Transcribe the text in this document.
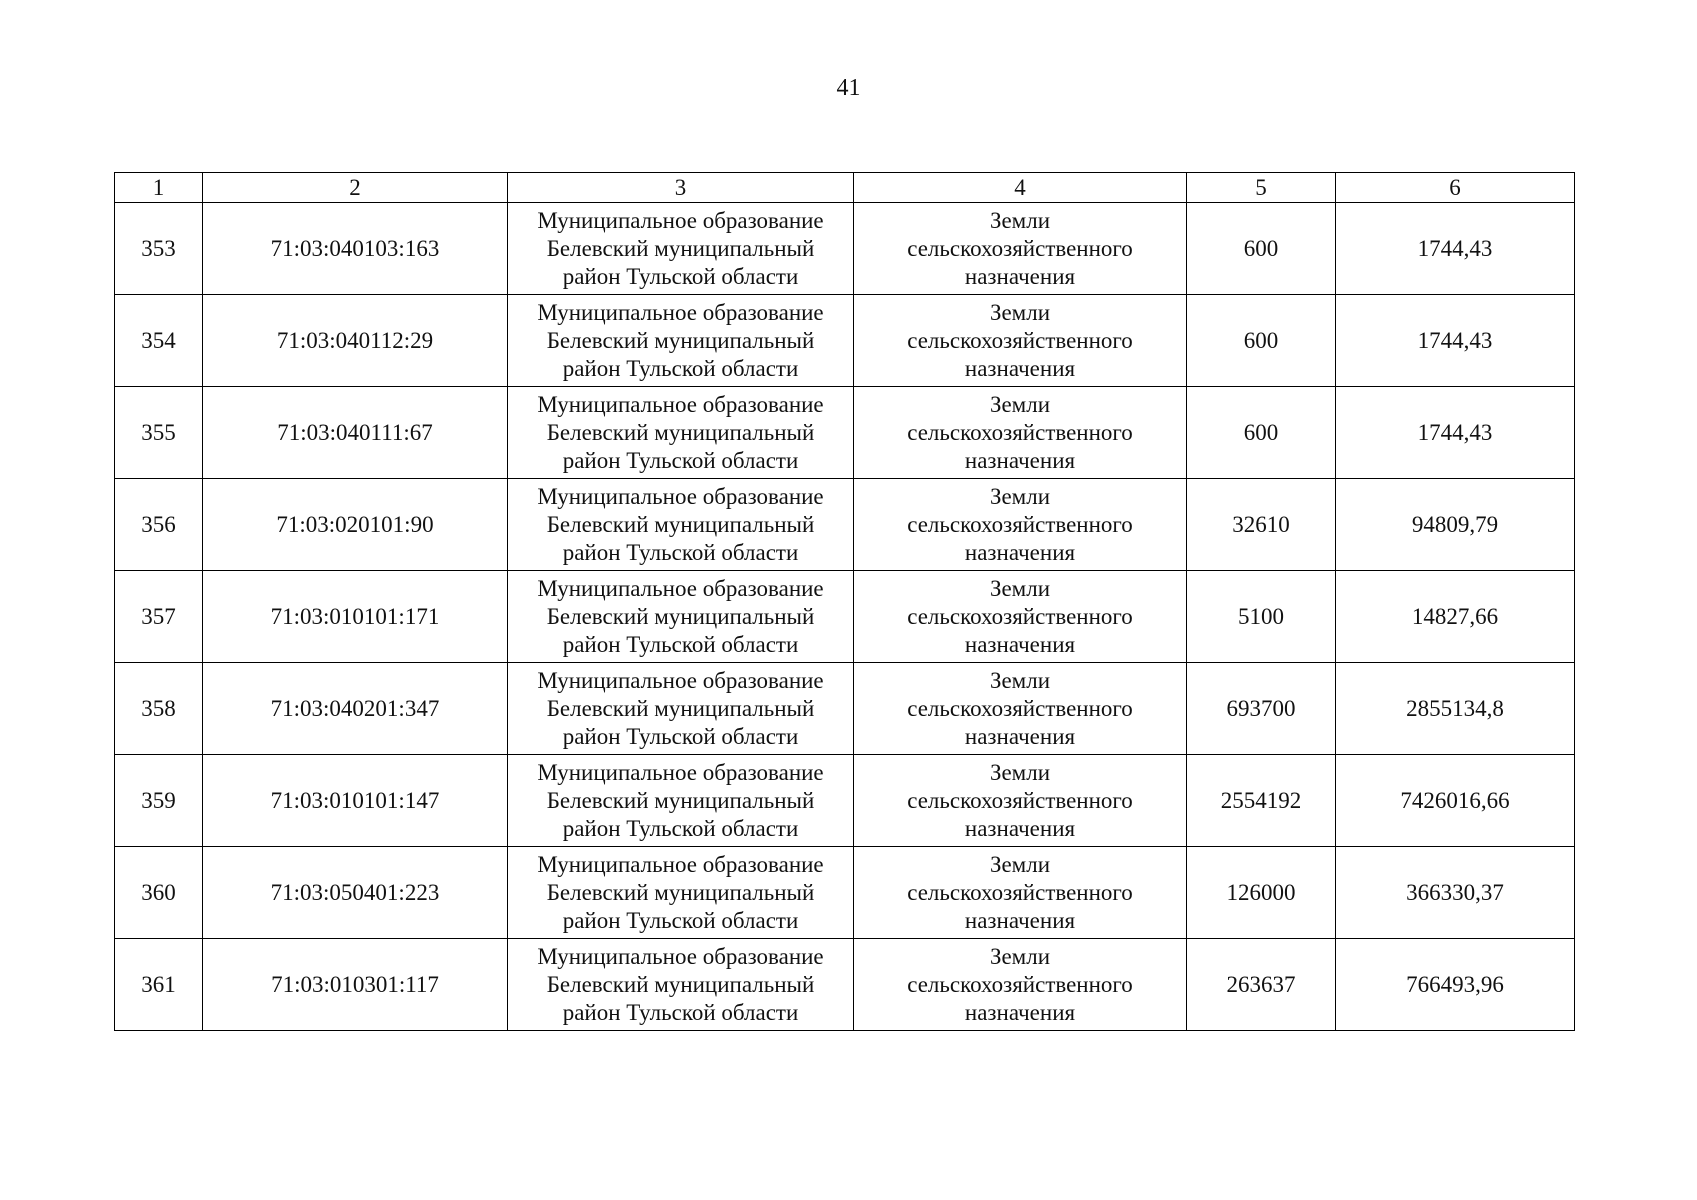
41
1	2	3	4	5	6
353	71:03:040103:163	Муниципальное образование
Белевский муниципальный
район Тульской области	Земли
сельскохозяйственного
назначения	600	1744,43
354	71:03:040112:29	Муниципальное образование
Белевский муниципальный
район Тульской области	Земли
сельскохозяйственного
назначения	600	1744,43
355	71:03:040111:67	Муниципальное образование
Белевский муниципальный
район Тульской области	Земли
сельскохозяйственного
назначения	600	1744,43
356	71:03:020101:90	Муниципальное образование
Белевский муниципальный
район Тульской области	Земли
сельскохозяйственного
назначения	32610	94809,79
357	71:03:010101:171	Муниципальное образование
Белевский муниципальный
район Тульской области	Земли
сельскохозяйственного
назначения	5100	14827,66
358	71:03:040201:347	Муниципальное образование
Белевский муниципальный
район Тульской области	Земли
сельскохозяйственного
назначения	693700	2855134,8
359	71:03:010101:147	Муниципальное образование
Белевский муниципальный
район Тульской области	Земли
сельскохозяйственного
назначения	2554192	7426016,66
360	71:03:050401:223	Муниципальное образование
Белевский муниципальный
район Тульской области	Земли
сельскохозяйственного
назначения	126000	366330,37
361	71:03:010301:117	Муниципальное образование
Белевский муниципальный
район Тульской области	Земли
сельскохозяйственного
назначения	263637	766493,96
